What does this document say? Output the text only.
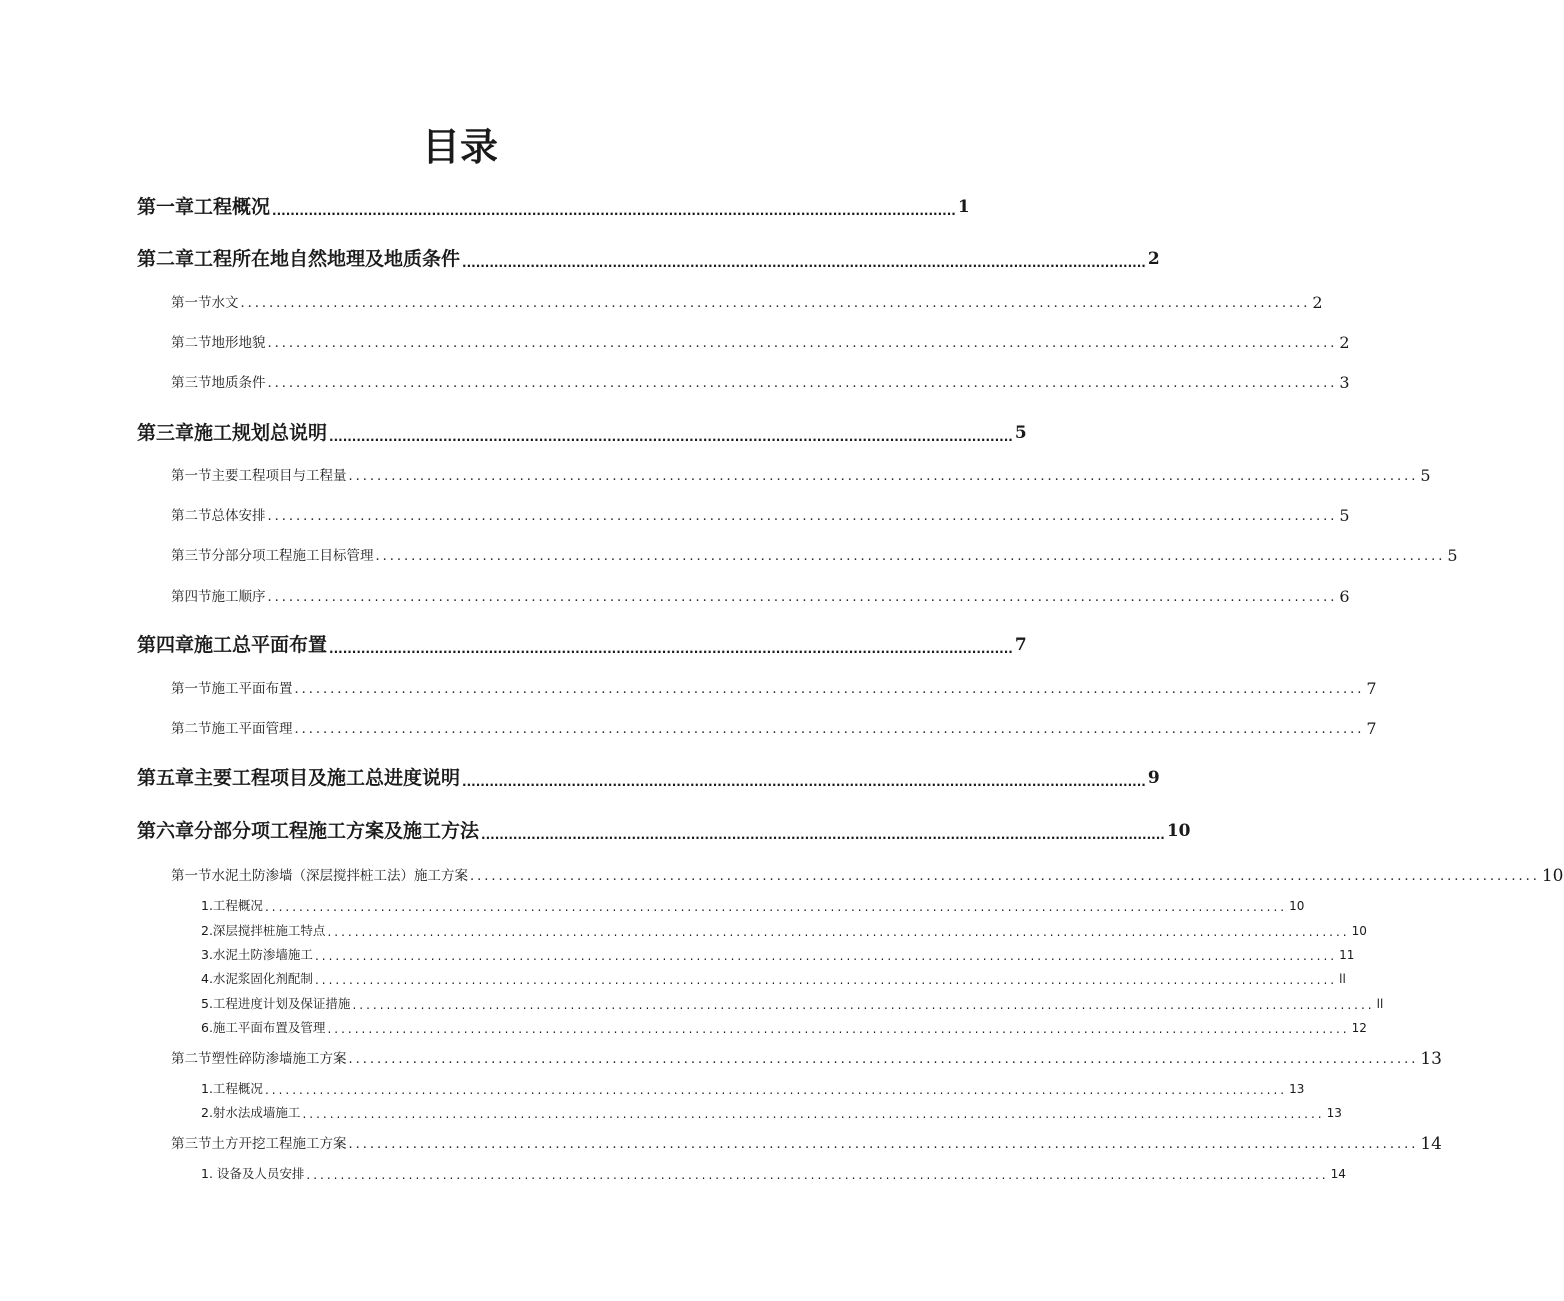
目录
第一章工程概况 ...................................................................................................................................................... 1
第二章工程所在地自然地理及地质条件 ...................................................................................................................................................... 2
第一节水文 ...................................................................................................................................................... 2
第二节地形地貌 ...................................................................................................................................................... 2
第三节地质条件 ...................................................................................................................................................... 3
第三章施工规划总说明 ...................................................................................................................................................... 5
第一节主要工程项目与工程量 ...................................................................................................................................................... 5
第二节总体安排 ...................................................................................................................................................... 5
第三节分部分项工程施工目标管理 ...................................................................................................................................................... 5
第四节施工顺序 ...................................................................................................................................................... 6
第四章施工总平面布置 ...................................................................................................................................................... 7
第一节施工平面布置 ...................................................................................................................................................... 7
第二节施工平面管理 ...................................................................................................................................................... 7
第五章主要工程项目及施工总进度说明 ...................................................................................................................................................... 9
第六章分部分项工程施工方案及施工方法 ...................................................................................................................................................... 10
第一节水泥土防渗墙（深层搅拌桩工法）施工方案 ...................................................................................................................................................... 10
1 .工程概况 ...................................................................................................................................................... 10
2 .深层搅拌桩施工特点 ...................................................................................................................................................... 10
3 .水泥土防渗墙施工 ...................................................................................................................................................... 11
4 .水泥浆固化剂配制 ...................................................................................................................................................... ll
5 .工程进度计划及保证措施 ...................................................................................................................................................... ll
6 .施工平面布置及管理 ...................................................................................................................................................... 12
第二节塑性碎防渗墙施工方案 ...................................................................................................................................................... 13
1 .工程概况 ...................................................................................................................................................... 13
2 .射水法成墙施工 ...................................................................................................................................................... 13
第三节土方开挖工程施工方案 ...................................................................................................................................................... 14
1 . 设备及人员安排 ...................................................................................................................................................... 14
